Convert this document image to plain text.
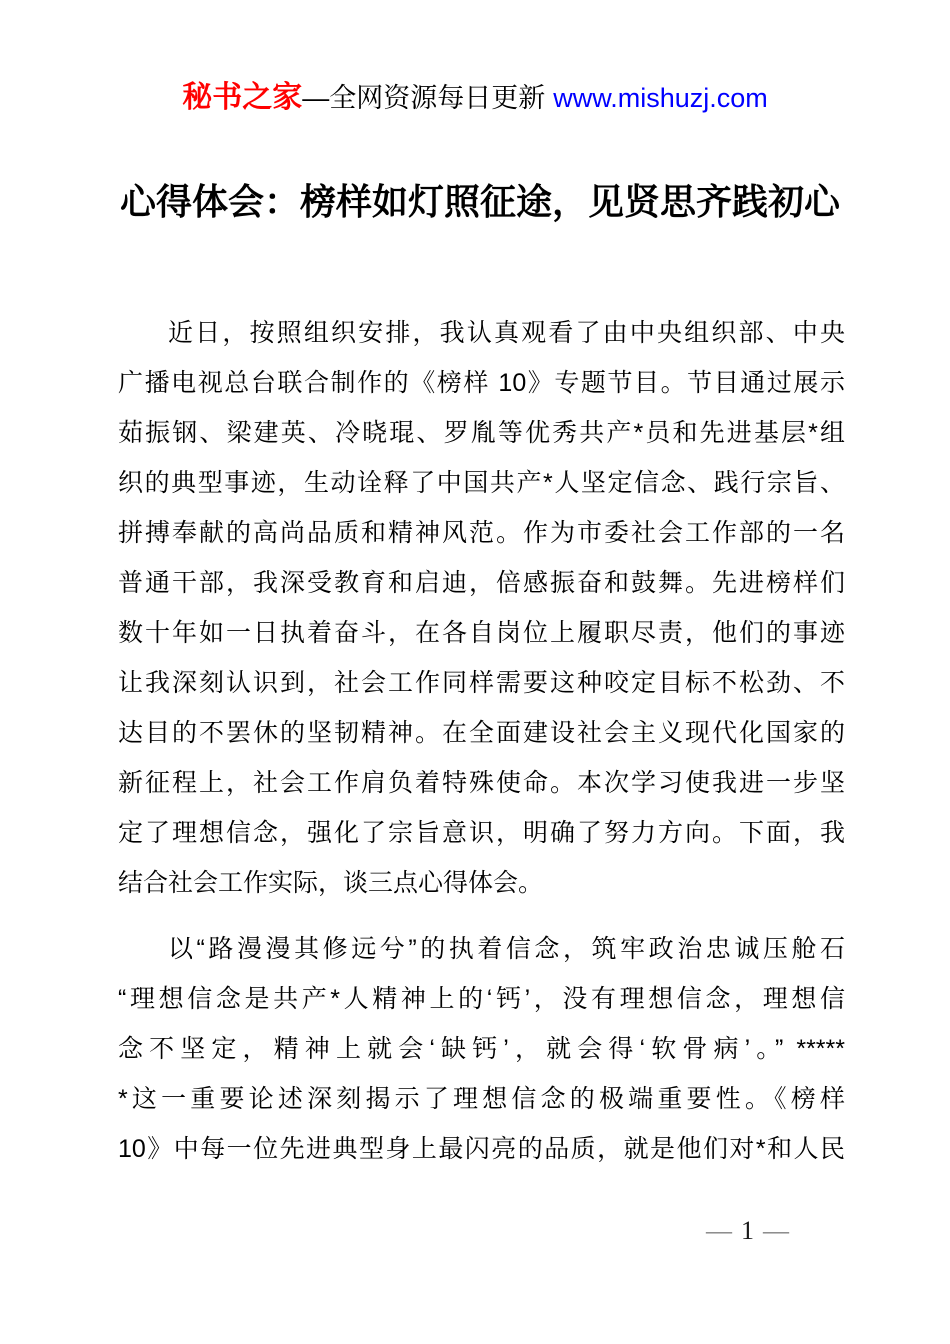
秘书之家—全网资源每日更新 www.mishuzj.com
心得体会：榜样如灯照征途，见贤思齐践初心
近日，按照组织安排，我认真观看了由中央组织部、中央
广播电视总台联合制作的《榜样 10》专题节目。节目通过展示
茹振钢、梁建英、冷晓琨、罗胤等优秀共产*员和先进基层*组
织的典型事迹，生动诠释了中国共产*人坚定信念、践行宗旨、
拼搏奉献的高尚品质和精神风范。作为市委社会工作部的一名
普通干部，我深受教育和启迪，倍感振奋和鼓舞。先进榜样们
数十年如一日执着奋斗，在各自岗位上履职尽责，他们的事迹
让我深刻认识到，社会工作同样需要这种咬定目标不松劲、不
达目的不罢休的坚韧精神。在全面建设社会主义现代化国家的
新征程上，社会工作肩负着特殊使命。本次学习使我进一步坚
定了理想信念，强化了宗旨意识，明确了努力方向。下面，我
结合社会工作实际，谈三点心得体会。
以“路漫漫其修远兮”的执着信念，筑牢政治忠诚压舱石
“理想信念是共产*人精神上的‘钙’，没有理想信念，理想信
念不坚定，精神上就会‘缺钙’，就会得‘软骨病’。” *****
*这一重要论述深刻揭示了理想信念的极端重要性。《榜样
10》中每一位先进典型身上最闪亮的品质，就是他们对*和人民
— 1 —
